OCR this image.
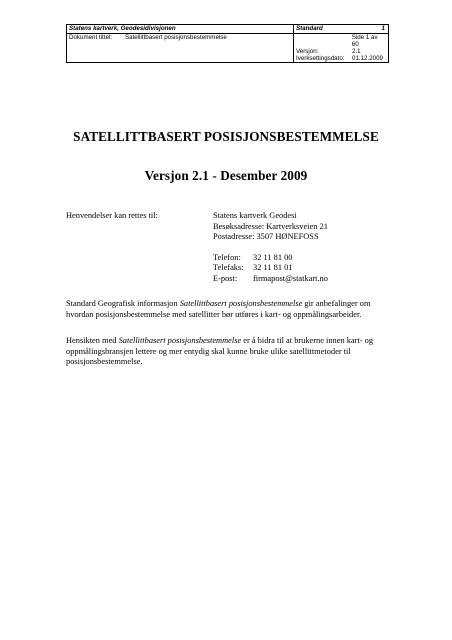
Statens kartverk, Geodesidivisjonen	Standard 1

Dokument tittel: Satellittbasert posisjonsbestemmelse	Side 1 av 60
Versjon: 2.1
Iverksettingsdato: 01.12.2009
SATELLITTBASERT POSISJONSBESTEMMELSE
Versjon 2.1 - Desember 2009
Henvendelser kan rettes til:	Statens kartverk Geodesi
Besøksadresse: Kartverksveien 21
Postadresse: 3507 HØNEFOSS
Telefon: 32 11 81 00
Telefaks: 32 11 81 01
E-post: firmapost@statkart.no
Standard Geografisk informasjon Satellittbasert posisjonsbestemmelse gir anbefalinger om hvordan posisjonsbestemmelse med satellitter bør utføres i kart- og oppmålingsarbeider.
Hensikten med Satellittbasert posisjonsbestemmelse er å bidra til at brukerne innen kart- og oppmålingsbransjen lettere og mer entydig skal kunne bruke ulike satellittmetoder til posisjonsbestemmelse.
